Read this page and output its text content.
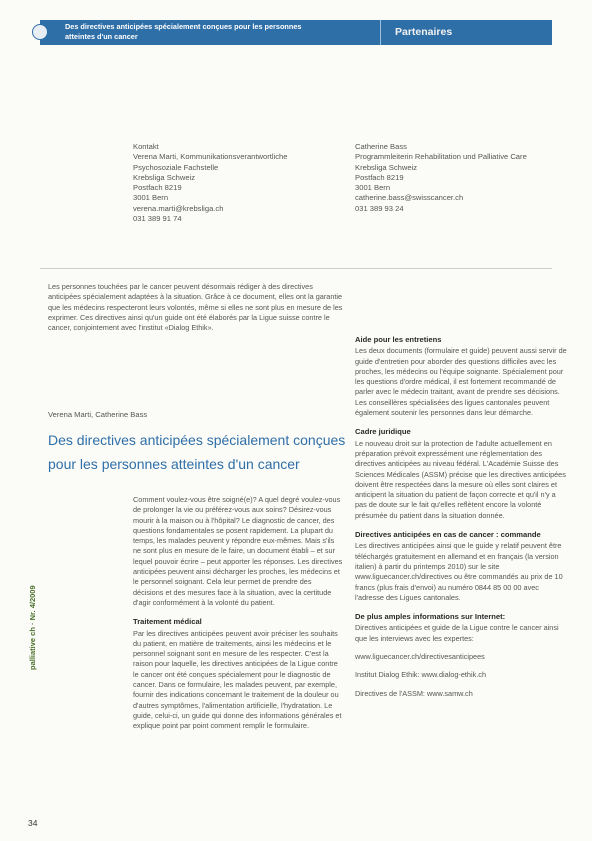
Des directives anticipées spécialement conçues pour les personnes
atteintes d'un cancer	Partenaires
Kontakt
Verena Marti, Kommunikationsverantwortliche
Psychosoziale Fachstelle
Krebsliga Schweiz
Postfach 8219
3001 Bern
verena.marti@krebsliga.ch
031 389 91 74
Catherine Bass
Programmleiterin Rehabilitation und Palliative Care
Krebsliga Schweiz
Postfach 8219
3001 Bern
catherine.bass@swisscancer.ch
031 389 93 24
Les personnes touchées par le cancer peuvent désormais rédiger à des directives anticipées spécialement adaptées à la situation. Grâce à ce document, elles ont la garantie que les médecins respecteront leurs volontés, même si elles ne sont plus en mesure de les exprimer. Ces directives ainsi qu'un guide ont été élaborés par la Ligue suisse contre le cancer, conjointement avec l'institut «Dialog Ethik».
Verena Marti, Catherine Bass
Des directives anticipées spécialement conçues
pour les personnes atteintes d'un cancer

Comment voulez-vous être soigné(e)? A quel degré voulez-vous de prolonger la vie ou préférez-vous aux soins? Désirez-vous mourir à la maison ou à l'hôpital? Le diagnostic de cancer, des questions fondamentales se posent rapidement. La plupart du temps, les malades peuvent y répondre eux-mêmes. Mais s'ils ne sont plus en mesure de le faire, un document établi – et sur lequel pouvoir écrire – peut apporter les réponses. Les directives anticipées peuvent ainsi décharger les proches, les médecins et le personnel soignant. Cela leur permet de prendre des décisions et des mesures face à la situation, avec la certitude d'agir conformément à la volonté du patient.

Traitement médical

Par les directives anticipées peuvent avoir préciser les souhaits du patient, en matière de traitements, ainsi les médecins et le personnel soignant sont en mesure de les respecter. C'est la raison pour laquelle, les directives anticipées de la Ligue contre le cancer ont été conçues spécialement pour le diagnostic de cancer. Dans ce formulaire, les malades peuvent, par exemple, fournir des indications concernant le traitement de la douleur ou d'autres symptômes, l'alimentation artificielle, l'hydratation. Le guide, celui-ci, un guide qui donne des informations générales et explique point par point comment remplir le formulaire.

Aide pour les entretiens

Les deux documents (formulaire et guide) peuvent aussi servir de guide d'entretien pour aborder des questions difficiles avec les proches, les médecins ou l'équipe soignante. Spécialement pour les questions d'ordre médical, il est fortement recommandé de parler avec le médecin traitant, avant de prendre ses décisions. Les conseillères spécialisées des ligues cantonales peuvent également soutenir les personnes dans leur démarche.

Cadre juridique

Le nouveau droit sur la protection de l'adulte actuellement en préparation prévoit expressément une réglementation des directives anticipées au niveau fédéral. L'Académie Suisse des Sciences Médicales (ASSM) précise que les directives anticipées doivent être respectées dans la mesure où elles sont claires et anticipent la situation du patient de façon correcte et qu'il n'y a pas de doute sur le fait qu'elles reflètent encore la volonté présumée du patient dans la situation donnée.

Directives anticipées en cas de cancer : commande

Les directives anticipées ainsi que le guide y relatif peuvent être téléchargés gratuitement en allemand et en français (la version italien) à partir du printemps 2010) sur le site www.liguecancer.ch/directives ou être commandés au prix de 10 francs (plus frais d'envoi) au numéro 0844 85 00 00 avec l'adresse des Ligues cantonales.

De plus amples informations sur Internet:

Directives anticipées et guide de la Ligue contre le cancer ainsi que les interviews avec les expertes:

www.liguecancer.ch/directivesanticipees

Institut Dialog Ethik: www.dialog-ethik.ch

Directives de l'ASSM: www.samw.ch

palliative ch · Nr. 4/2009
34
